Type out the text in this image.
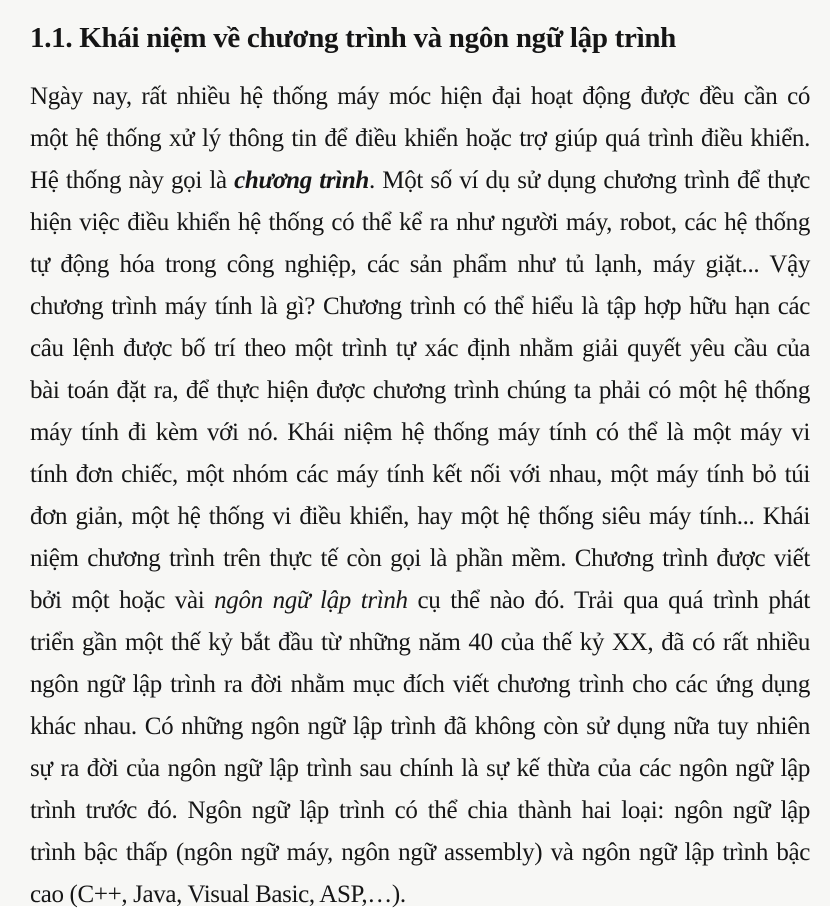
1.1. Khái niệm về chương trình và ngôn ngữ lập trình
Ngày nay, rất nhiều hệ thống máy móc hiện đại hoạt động được đều cần có
một hệ thống xử lý thông tin để điều khiển hoặc trợ giúp quá trình điều khiển.
Hệ thống này gọi là chương trình. Một số ví dụ sử dụng chương trình để thực
hiện việc điều khiển hệ thống có thể kể ra như người máy, robot, các hệ thống
tự động hóa trong công nghiệp, các sản phẩm như tủ lạnh, máy giặt... Vậy
chương trình máy tính là gì? Chương trình có thể hiểu là tập hợp hữu hạn các
câu lệnh được bố trí theo một trình tự xác định nhằm giải quyết yêu cầu của
bài toán đặt ra, để thực hiện được chương trình chúng ta phải có một hệ thống
máy tính đi kèm với nó. Khái niệm hệ thống máy tính có thể là một máy vi
tính đơn chiếc, một nhóm các máy tính kết nối với nhau, một máy tính bỏ túi
đơn giản, một hệ thống vi điều khiển, hay một hệ thống siêu máy tính... Khái
niệm chương trình trên thực tế còn gọi là phần mềm. Chương trình được viết
bởi một hoặc vài ngôn ngữ lập trình cụ thể nào đó. Trải qua quá trình phát
triển gần một thế kỷ bắt đầu từ những năm 40 của thế kỷ XX, đã có rất nhiều
ngôn ngữ lập trình ra đời nhằm mục đích viết chương trình cho các ứng dụng
khác nhau. Có những ngôn ngữ lập trình đã không còn sử dụng nữa tuy nhiên
sự ra đời của ngôn ngữ lập trình sau chính là sự kế thừa của các ngôn ngữ lập
trình trước đó. Ngôn ngữ lập trình có thể chia thành hai loại: ngôn ngữ lập
trình bậc thấp (ngôn ngữ máy, ngôn ngữ assembly) và ngôn ngữ lập trình bậc
cao (C++, Java, Visual Basic, ASP,…).
